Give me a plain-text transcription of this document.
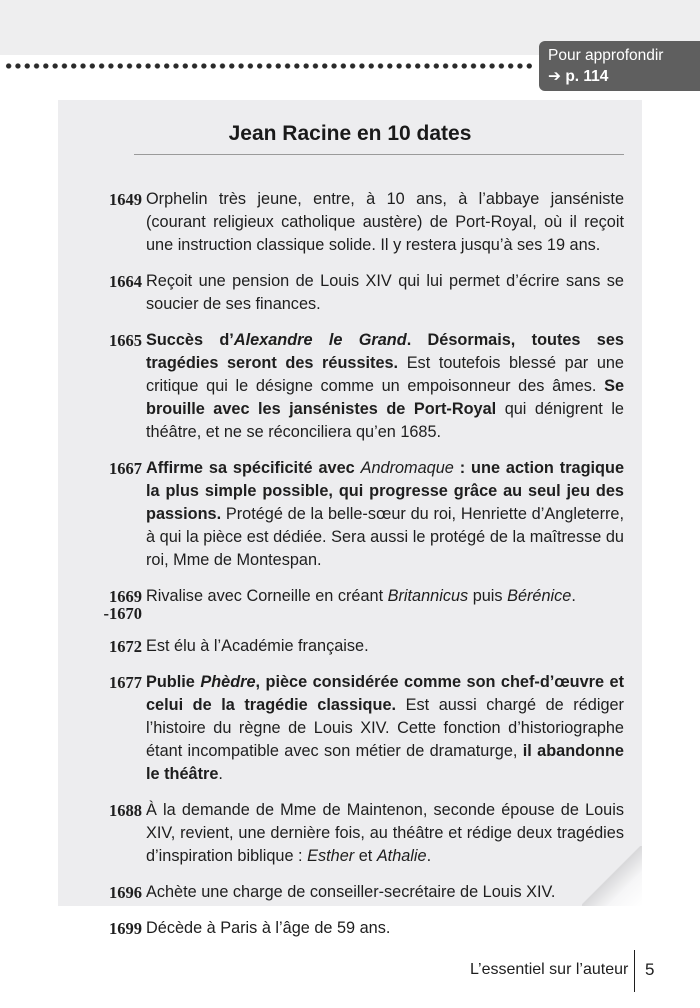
Pour approfondir
➔ p. 114
Jean Racine en 10 dates
1649 Orphelin très jeune, entre, à 10 ans, à l’abbaye janséniste (courant religieux catholique austère) de Port-Royal, où il reçoit une instruction classique solide. Il y restera jusqu’à ses 19 ans.
1664 Reçoit une pension de Louis XIV qui lui permet d’écrire sans se soucier de ses finances.
1665 Succès d’Alexandre le Grand. Désormais, toutes ses tragédies seront des réussites. Est toutefois blessé par une critique qui le désigne comme un empoisonneur des âmes. Se brouille avec les jansénistes de Port-Royal qui dénigrent le théâtre, et ne se réconciliera qu’en 1685.
1667 Affirme sa spécificité avec Andromaque : une action tragique la plus simple possible, qui progresse grâce au seul jeu des passions. Protégé de la belle-sœur du roi, Henriette d’Angleterre, à qui la pièce est dédiée. Sera aussi le protégé de la maîtresse du roi, Mme de Montespan.
1669
-1670
Rivalise avec Corneille en créant Britannicus puis Bérénice.
1672 Est élu à l’Académie française.
1677 Publie Phèdre, pièce considérée comme son chef-d’œuvre et celui de la tragédie classique. Est aussi chargé de rédiger l’histoire du règne de Louis XIV. Cette fonction d’historiographe étant incompatible avec son métier de dramaturge, il abandonne le théâtre.
1688 À la demande de Mme de Maintenon, seconde épouse de Louis XIV, revient, une dernière fois, au théâtre et rédige deux tragédies d’inspiration biblique : Esther et Athalie.
1696 Achète une charge de conseiller-secrétaire de Louis XIV.
1699 Décède à Paris à l’âge de 59 ans.
L’essentiel sur l’auteur 5
